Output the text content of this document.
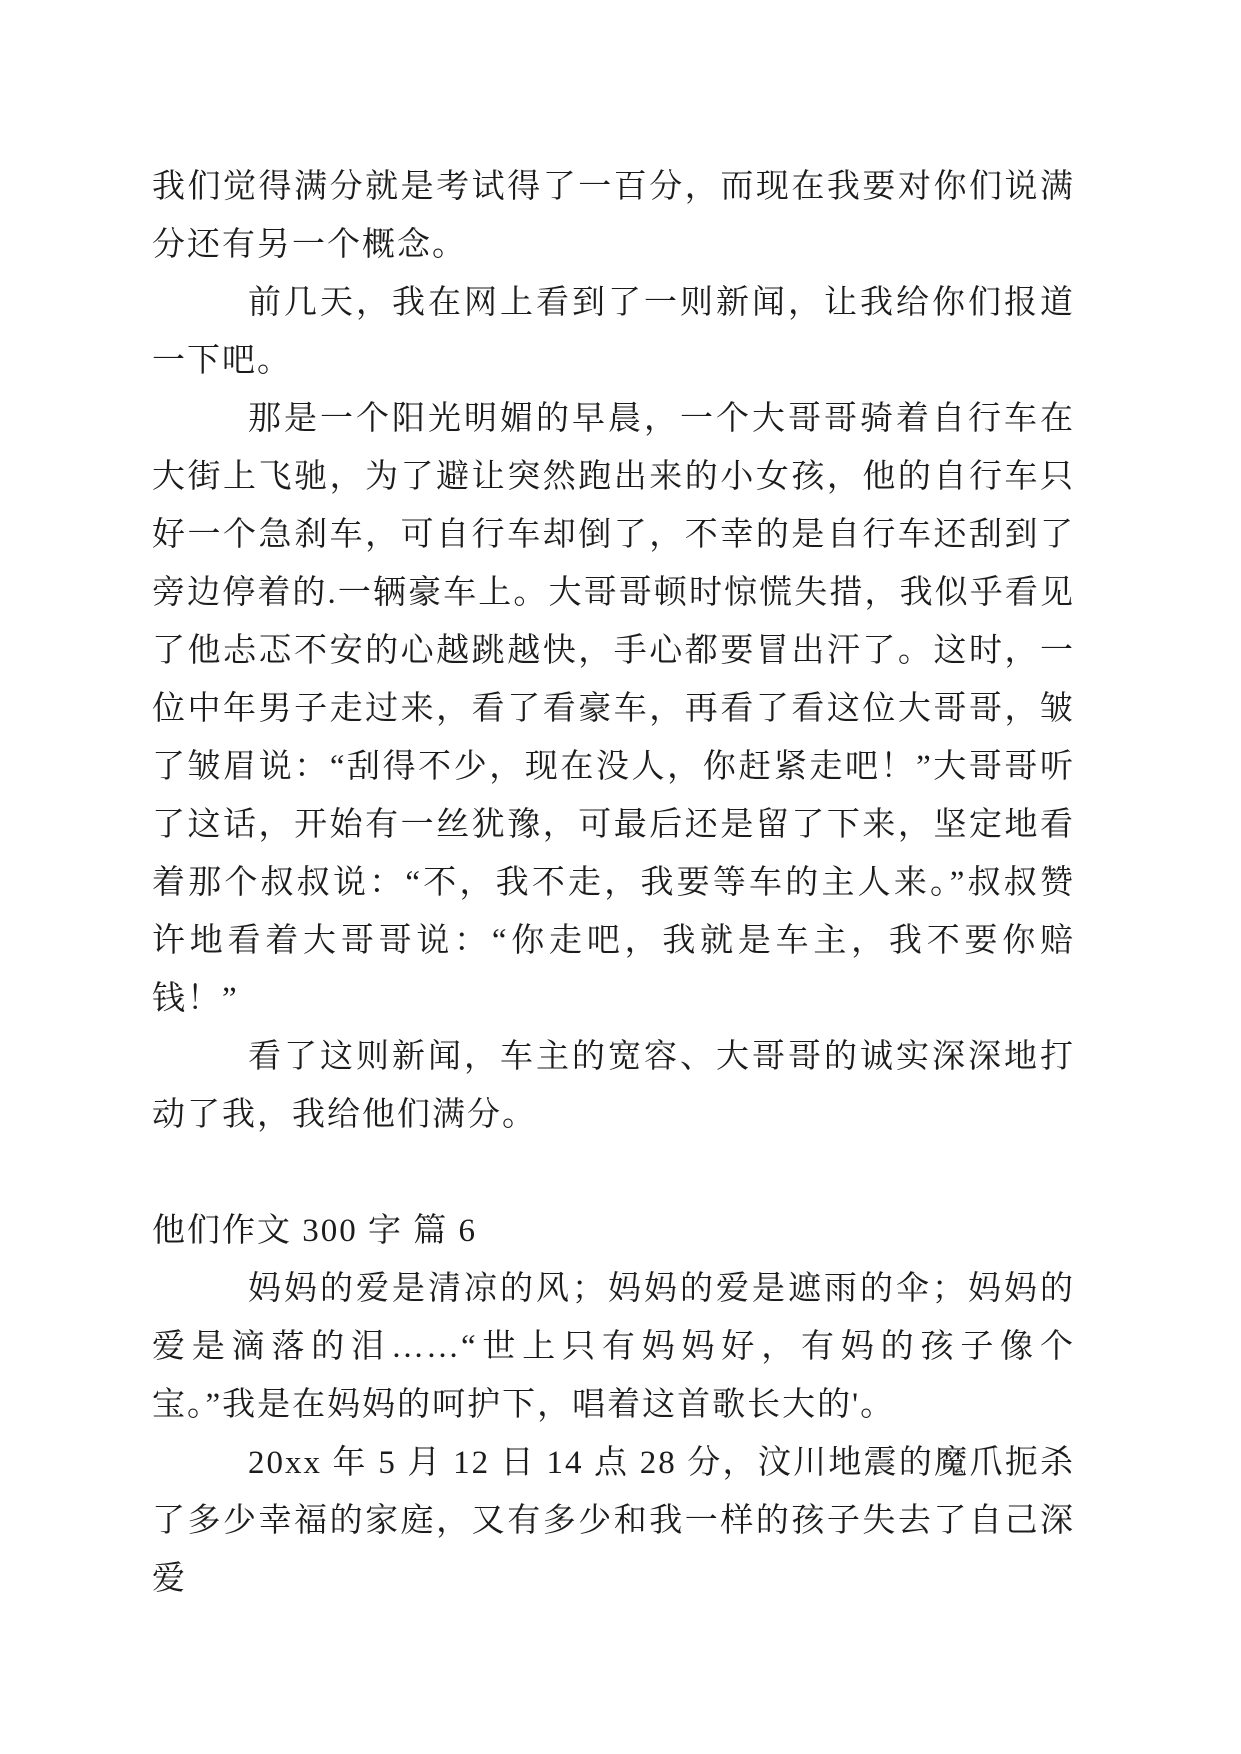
我们觉得满分就是考试得了一百分，而现在我要对你们说满分还有另一个概念。

前几天，我在网上看到了一则新闻，让我给你们报道一下吧。

那是一个阳光明媚的早晨，一个大哥哥骑着自行车在大街上飞驰，为了避让突然跑出来的小女孩，他的自行车只好一个急刹车，可自行车却倒了，不幸的是自行车还刮到了旁边停着的.一辆豪车上。大哥哥顿时惊慌失措，我似乎看见了他忐忑不安的心越跳越快，手心都要冒出汗了。这时，一位中年男子走过来，看了看豪车，再看了看这位大哥哥，皱了皱眉说：“刮得不少，现在没人，你赶紧走吧！”大哥哥听了这话，开始有一丝犹豫，可最后还是留了下来，坚定地看着那个叔叔说：“不，我不走，我要等车的主人来。”叔叔赞许地看着大哥哥说：“你走吧，我就是车主，我不要你赔钱！”

看了这则新闻，车主的宽容、大哥哥的诚实深深地打动了我，我给他们满分。

他们作文 300 字 篇 6

妈妈的爱是清凉的风；妈妈的爱是遮雨的伞；妈妈的爱是滴落的泪……“世上只有妈妈好，有妈的孩子像个宝。”我是在妈妈的呵护下，唱着这首歌长大的'。

20xx 年 5 月 12 日 14 点 28 分，汶川地震的魔爪扼杀了多少幸福的家庭，又有多少和我一样的孩子失去了自己深爱
